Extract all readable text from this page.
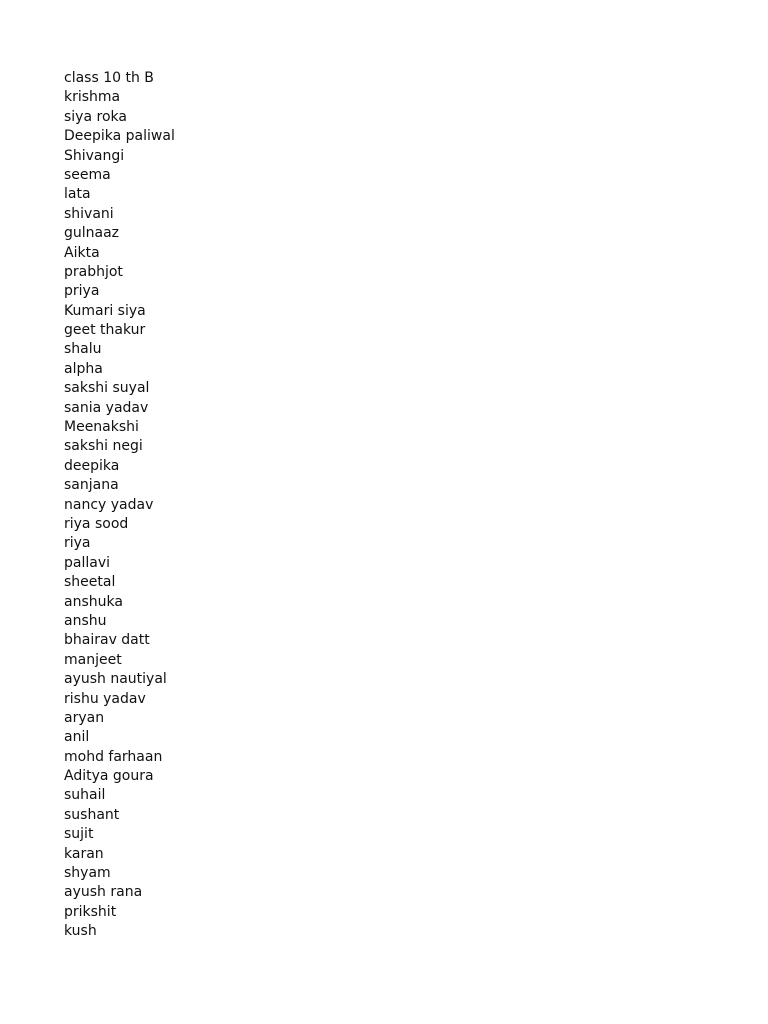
class 10 th B
krishma
siya roka
Deepika paliwal
Shivangi
seema
lata
shivani
gulnaaz
Aikta
prabhjot
priya
Kumari siya
geet thakur
shalu
alpha
sakshi suyal
sania yadav
Meenakshi
sakshi negi
deepika
sanjana
nancy yadav
riya sood
riya
pallavi
sheetal
anshuka
anshu
bhairav datt
manjeet
ayush nautiyal
rishu yadav
aryan
anil
mohd farhaan
Aditya goura
suhail
sushant
sujit
karan
shyam
ayush rana
prikshit
kush
